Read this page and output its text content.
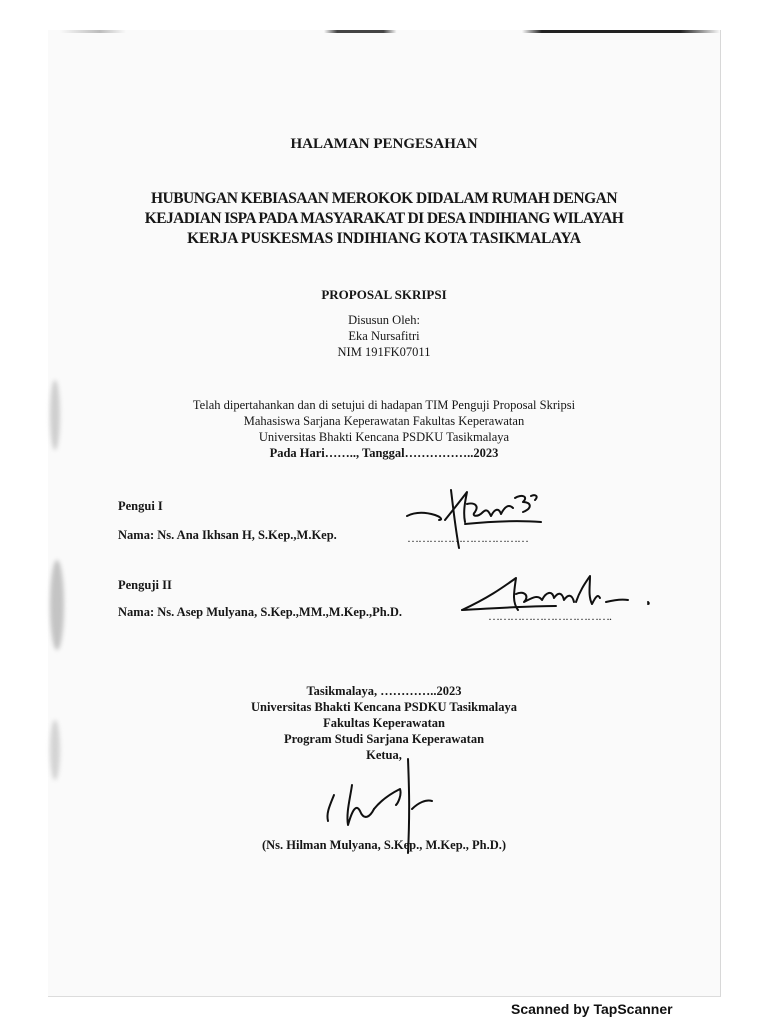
HALAMAN PENGESAHAN
HUBUNGAN KEBIASAAN MEROKOK DIDALAM RUMAH DENGAN
KEJADIAN ISPA PADA MASYARAKAT DI DESA INDIHIANG WILAYAH
KERJA PUSKESMAS INDIHIANG KOTA TASIKMALAYA
PROPOSAL SKRIPSI
Disusun Oleh:
Eka Nursafitri
NIM 191FK07011
Telah dipertahankan dan di setujui di hadapan TIM Penguji Proposal Skripsi
Mahasiswa Sarjana Keperawatan Fakultas Keperawatan
Universitas Bhakti Kencana PSDKU Tasikmalaya
Pada Hari…….., Tanggal……………..2023
Pengui I
Nama: Ns. Ana Ikhsan H, S.Kep.,M.Kep.	……………………………
Penguji II
Nama: Ns. Asep Mulyana, S.Kep.,MM.,M.Kep.,Ph.D.	…………………………….
Tasikmalaya, …………..2023
Universitas Bhakti Kencana PSDKU Tasikmalaya
Fakultas Keperawatan
Program Studi Sarjana Keperawatan
Ketua,
(Ns. Hilman Mulyana, S.Kep., M.Kep., Ph.D.)
Scanned by TapScanner
